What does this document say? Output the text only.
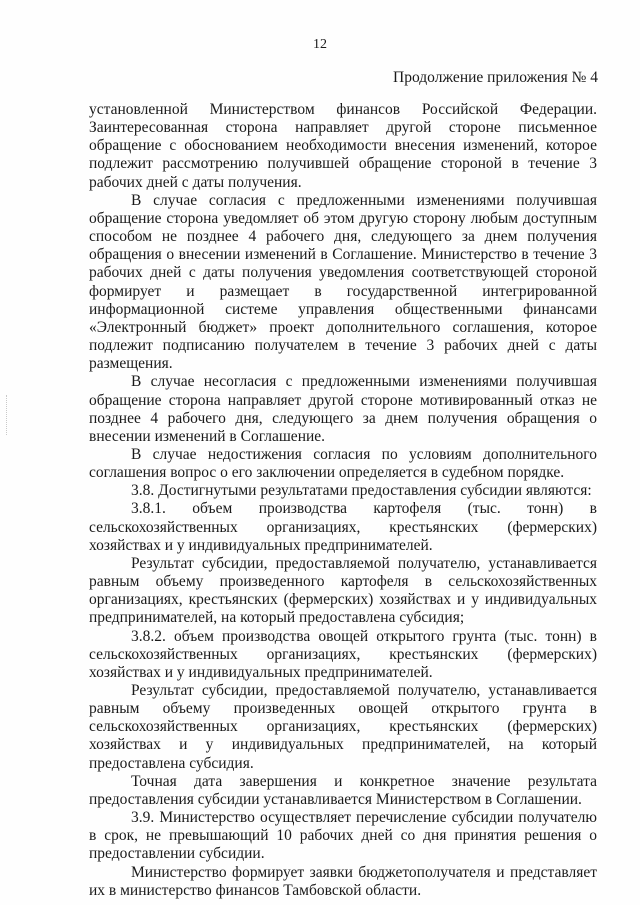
12
Продолжение приложения № 4

установленной Министерством финансов Российской Федерации. Заинтересованная сторона направляет другой стороне письменное обращение с обоснованием необходимости внесения изменений, которое подлежит рассмотрению получившей обращение стороной в течение 3 рабочих дней с даты получения.

В случае согласия с предложенными изменениями получившая обращение сторона уведомляет об этом другую сторону любым доступным способом не позднее 4 рабочего дня, следующего за днем получения обращения о внесении изменений в Соглашение. Министерство в течение 3 рабочих дней с даты получения уведомления соответствующей стороной формирует и размещает в государственной интегрированной информационной системе управления общественными финансами «Электронный бюджет» проект дополнительного соглашения, которое подлежит подписанию получателем в течение 3 рабочих дней с даты размещения.

В случае несогласия с предложенными изменениями получившая обращение сторона направляет другой стороне мотивированный отказ не позднее 4 рабочего дня, следующего за днем получения обращения о внесении изменений в Соглашение.

В случае недостижения согласия по условиям дополнительного соглашения вопрос о его заключении определяется в судебном порядке.

3.8. Достигнутыми результатами предоставления субсидии являются:

3.8.1. объем производства картофеля (тыс. тонн) в сельскохозяйственных организациях, крестьянских (фермерских) хозяйствах и у индивидуальных предпринимателей.

Результат субсидии, предоставляемой получателю, устанавливается равным объему произведенного картофеля в сельскохозяйственных организациях, крестьянских (фермерских) хозяйствах и у индивидуальных предпринимателей, на который предоставлена субсидия;

3.8.2. объем производства овощей открытого грунта (тыс. тонн) в сельскохозяйственных организациях, крестьянских (фермерских) хозяйствах и у индивидуальных предпринимателей.

Результат субсидии, предоставляемой получателю, устанавливается равным объему произведенных овощей открытого грунта в сельскохозяйственных организациях, крестьянских (фермерских) хозяйствах и у индивидуальных предпринимателей, на который предоставлена субсидия.

Точная дата завершения и конкретное значение результата предоставления субсидии устанавливается Министерством в Соглашении.

3.9. Министерство осуществляет перечисление субсидии получателю в срок, не превышающий 10 рабочих дней со дня принятия решения о предоставлении субсидии.

Министерство формирует заявки бюджетополучателя и представляет их в министерство финансов Тамбовской области.
